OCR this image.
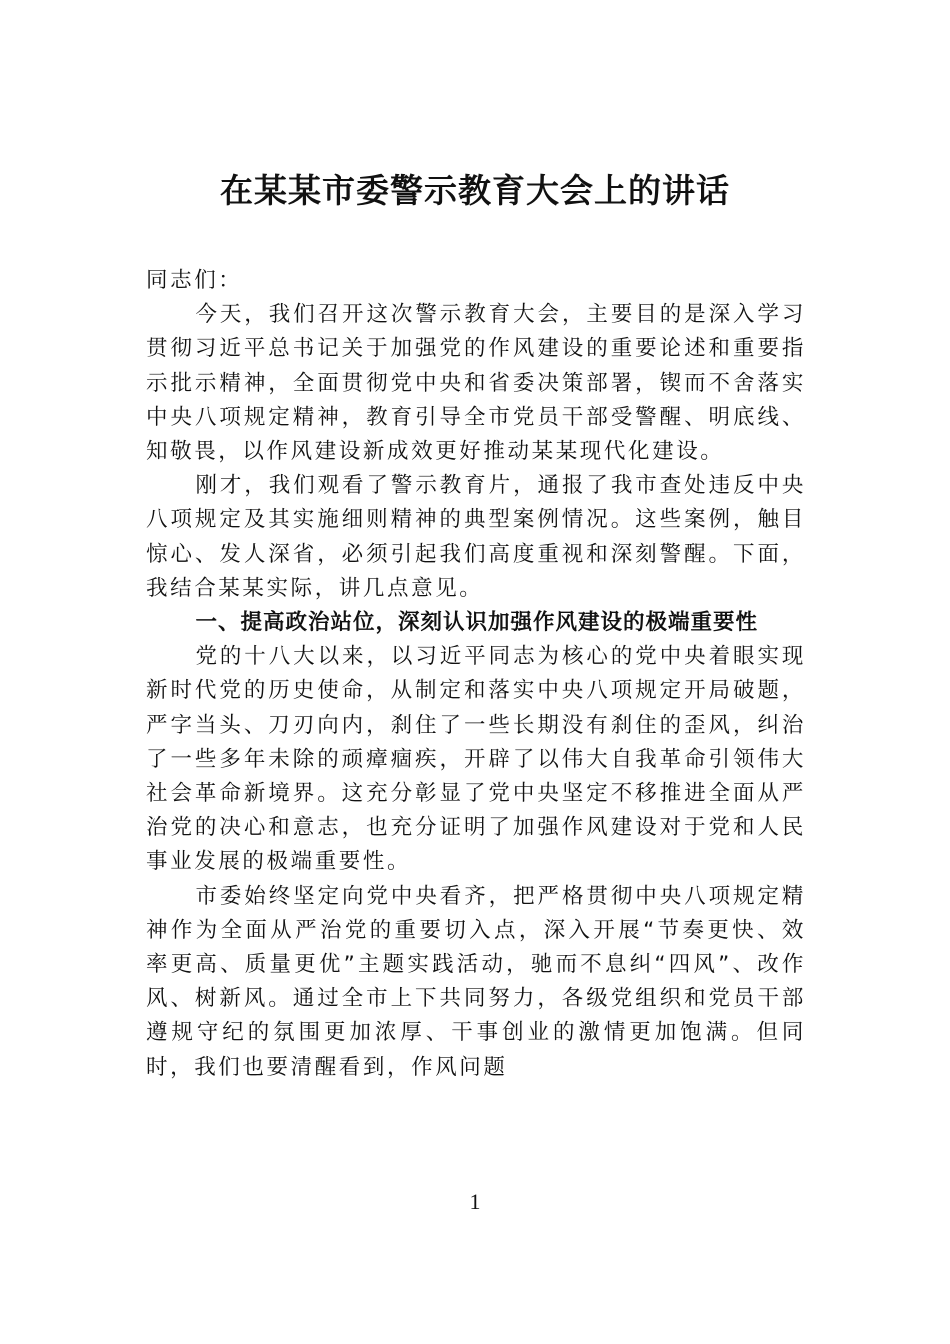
在某某市委警示教育大会上的讲话

同志们：

今天，我们召开这次警示教育大会，主要目的是深入学习贯彻习近平总书记关于加强党的作风建设的重要论述和重要指示批示精神，全面贯彻党中央和省委决策部署，锲而不舍落实中央八项规定精神，教育引导全市党员干部受警醒、明底线、知敬畏，以作风建设新成效更好推动某某现代化建设。

刚才，我们观看了警示教育片，通报了我市查处违反中央八项规定及其实施细则精神的典型案例情况。这些案例，触目惊心、发人深省，必须引起我们高度重视和深刻警醒。下面，我结合某某实际，讲几点意见。

一、提高政治站位，深刻认识加强作风建设的极端重要性

党的十八大以来，以习近平同志为核心的党中央着眼实现新时代党的历史使命，从制定和落实中央八项规定开局破题，严字当头、刀刃向内，刹住了一些长期没有刹住的歪风，纠治了一些多年未除的顽瘴痼疾，开辟了以伟大自我革命引领伟大社会革命新境界。这充分彰显了党中央坚定不移推进全面从严治党的决心和意志，也充分证明了加强作风建设对于党和人民事业发展的极端重要性。

市委始终坚定向党中央看齐，把严格贯彻中央八项规定精神作为全面从严治党的重要切入点，深入开展“节奏更快、效率更高、质量更优”主题实践活动，驰而不息纠“四风”、改作风、树新风。通过全市上下共同努力，各级党组织和党员干部遵规守纪的氛围更加浓厚、干事创业的激情更加饱满。但同时，我们也要清醒看到，作风问题

1
